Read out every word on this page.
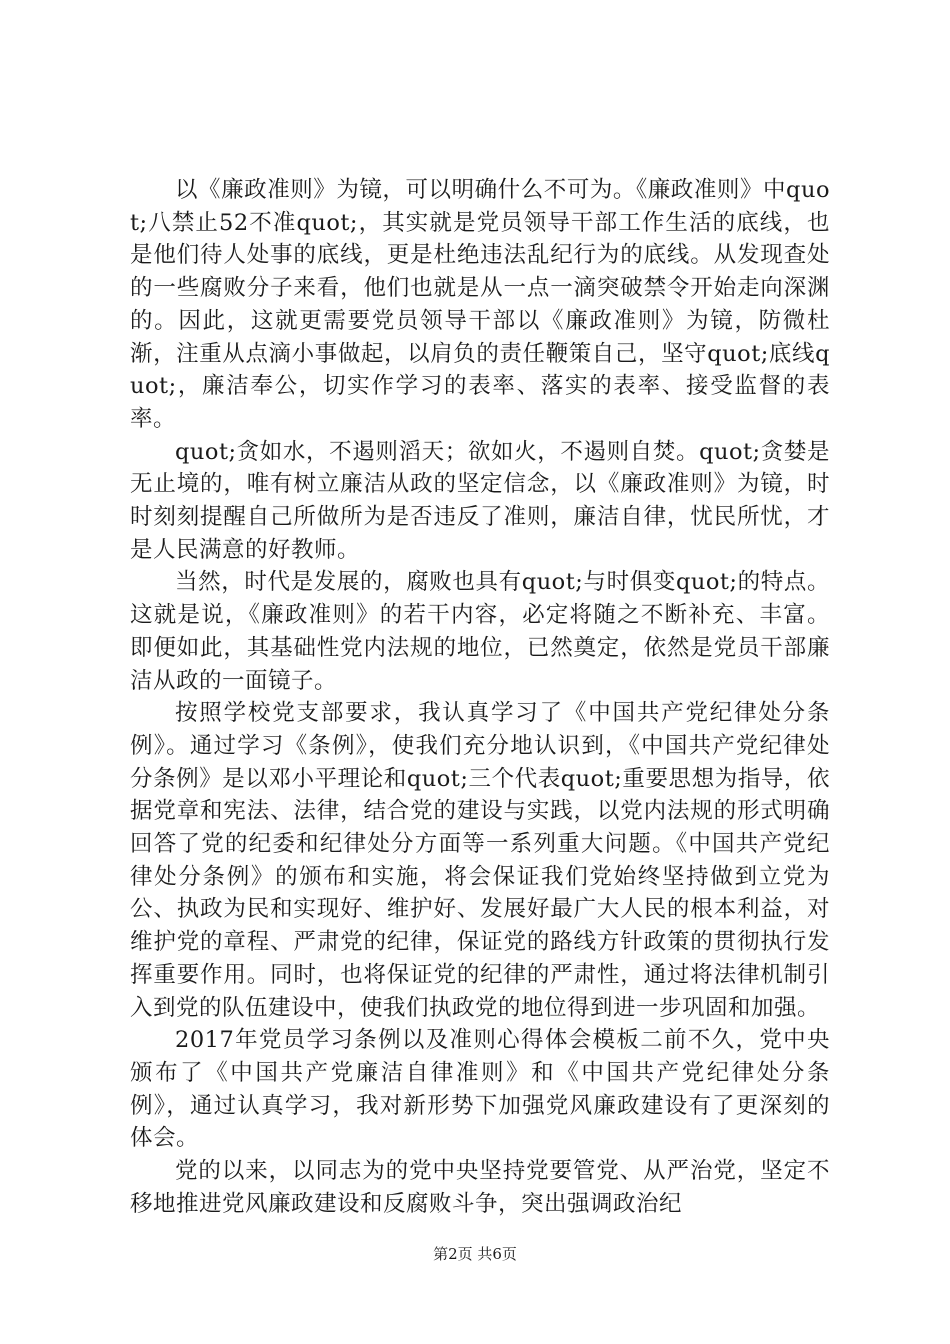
以《廉政准则》为镜，可以明确什么不可为。《廉政准则》中quot;八禁止52不准quot;，其实就是党员领导干部工作生活的底线，也是他们待人处事的底线，更是杜绝违法乱纪行为的底线。从发现查处的一些腐败分子来看，他们也就是从一点一滴突破禁令开始走向深渊的。因此，这就更需要党员领导干部以《廉政准则》为镜，防微杜渐，注重从点滴小事做起，以肩负的责任鞭策自己，坚守quot;底线quot;，廉洁奉公，切实作学习的表率、落实的表率、接受监督的表率。

quot;贪如水，不遏则滔天；欲如火，不遏则自焚。quot;贪婪是无止境的，唯有树立廉洁从政的坚定信念，以《廉政准则》为镜，时时刻刻提醒自己所做所为是否违反了准则，廉洁自律，忧民所忧，才是人民满意的好教师。

当然，时代是发展的，腐败也具有quot;与时俱变quot;的特点。这就是说，《廉政准则》的若干内容，必定将随之不断补充、丰富。即便如此，其基础性党内法规的地位，已然奠定，依然是党员干部廉洁从政的一面镜子。

按照学校党支部要求，我认真学习了《中国共产党纪律处分条例》。通过学习《条例》，使我们充分地认识到，《中国共产党纪律处分条例》是以邓小平理论和quot;三个代表quot;重要思想为指导，依据党章和宪法、法律，结合党的建设与实践，以党内法规的形式明确回答了党的纪委和纪律处分方面等一系列重大问题。《中国共产党纪律处分条例》的颁布和实施，将会保证我们党始终坚持做到立党为公、执政为民和实现好、维护好、发展好最广大人民的根本利益，对维护党的章程、严肃党的纪律，保证党的路线方针政策的贯彻执行发挥重要作用。同时，也将保证党的纪律的严肃性，通过将法律机制引入到党的队伍建设中，使我们执政党的地位得到进一步巩固和加强。

2017年党员学习条例以及准则心得体会模板二前不久，党中央颁布了《中国共产党廉洁自律准则》和《中国共产党纪律处分条例》，通过认真学习，我对新形势下加强党风廉政建设有了更深刻的体会。

党的以来，以同志为的党中央坚持党要管党、从严治党，坚定不移地推进党风廉政建设和反腐败斗争，突出强调政治纪

第2页 共6页
